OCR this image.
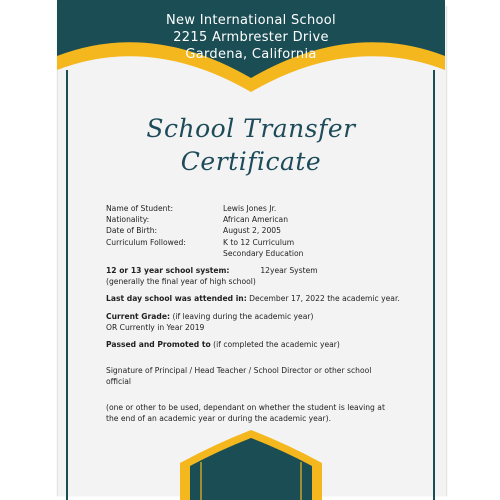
New International School
2215 Armbrester Drive
Gardena, California
School Transfer
Certificate
Name of Student:	Lewis Jones Jr.
Nationality:	African American
Date of Birth:	August 2, 2005
Curriculum Followed:	K to 12 Curriculum
Secondary Education
12 or 13 year school system:	12year System
(generally the final year of high school)
Last day school was attended in: December 17, 2022 the academic year.
Current Grade: (if leaving during the academic year)
OR Currently in Year 2019
Passed and Promoted to (if completed the academic year)
Signature of Principal / Head Teacher / School Director or other school
official
(one or other to be used, dependant on whether the student is leaving at
the end of an academic year or during the academic year).
